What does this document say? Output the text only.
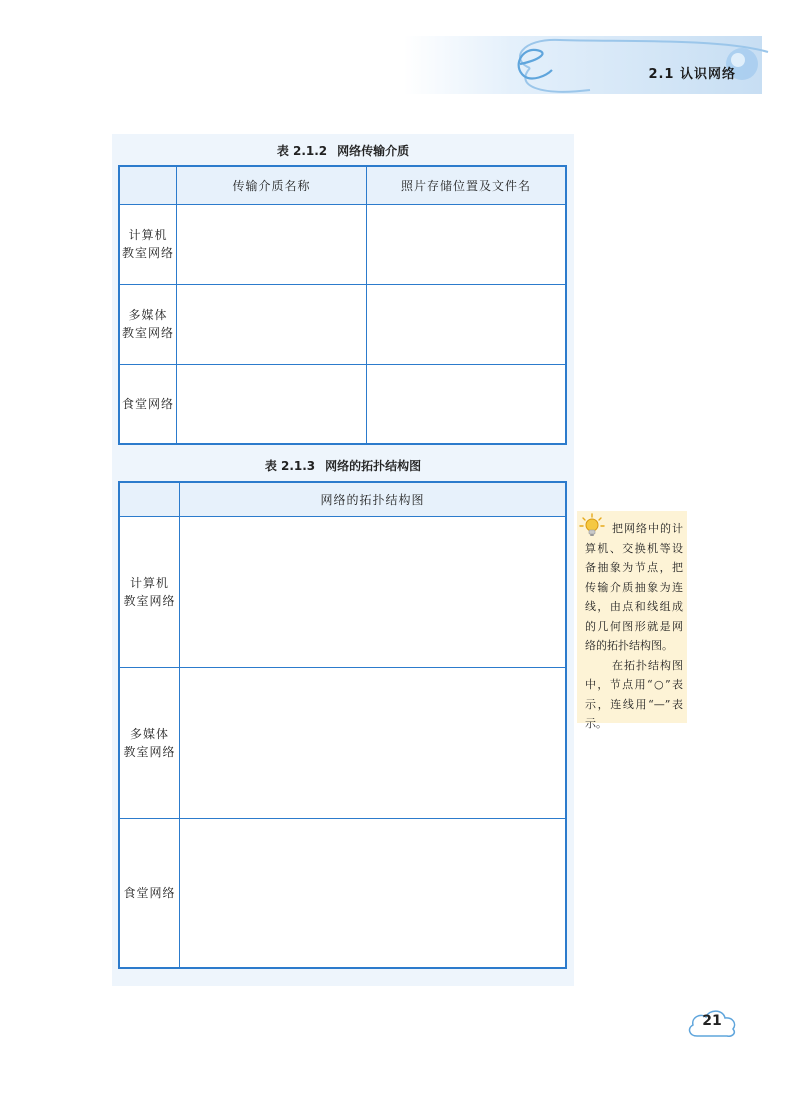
2.1 认识网络
表 2.1.2 网络传输介质
	传输介质名称	照片存储位置及文件名
计算机
教室网络		
多媒体
教室网络		
食堂网络		
表 2.1.3 网络的拓扑结构图
	网络的拓扑结构图
计算机
教室网络	
多媒体
教室网络	
食堂网络	

把网络中的计算机、交换机等设备抽象为节点，把传输介质抽象为连线，由点和线组成的几何图形就是网络的拓扑结构图。

在拓扑结构图中，节点用“○”表示，连线用“—”表示。

21
